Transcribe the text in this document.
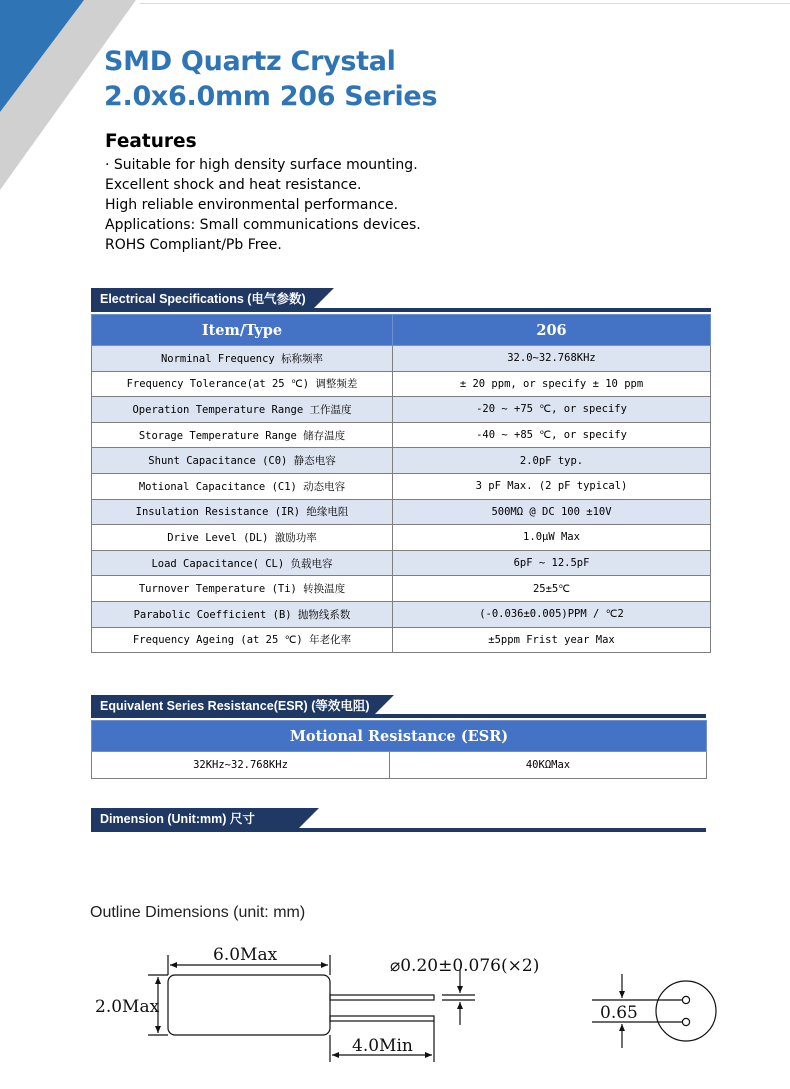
SMD Quartz Crystal
2.0x6.0mm 206 Series
Features
· Suitable for high density surface mounting.
Excellent shock and heat resistance.
High reliable environmental performance.
Applications: Small communications devices.
ROHS Compliant/Pb Free.
Electrical Specifications (电气参数)
Item/Type	206
Norminal Frequency 标称频率	32.0~32.768KHz
Frequency Tolerance(at 25 ℃) 调整频差	± 20 ppm, or specify ± 10 ppm
Operation Temperature Range 工作温度	-20 ~ +75 ℃, or specify
Storage Temperature Range 储存温度	-40 ~ +85 ℃, or specify
Shunt Capacitance (C0) 静态电容	2.0pF typ.
Motional Capacitance (C1) 动态电容	3 pF Max. (2 pF typical)
Insulation Resistance (IR) 绝缘电阻	500MΩ @ DC 100 ±10V
Drive Level (DL) 激励功率	1.0μW Max
Load Capacitance( CL) 负载电容	6pF ~ 12.5pF
Turnover Temperature (Ti) 转换温度	25±5℃
Parabolic Coefficient (B) 抛物线系数	(-0.036±0.005)PPM / ℃2
Frequency Ageing (at 25 ℃) 年老化率	±5ppm Frist year Max
Equivalent Series Resistance(ESR) (等效电阻)
Motional Resistance (ESR)
32KHz~32.768KHz	40KΩMax
Dimension (Unit:mm) 尺寸

Outline Dimensions (unit: mm)

6.0Max
2.0Max
⌀0.20±0.076(×2)
4.0Min
0.65
